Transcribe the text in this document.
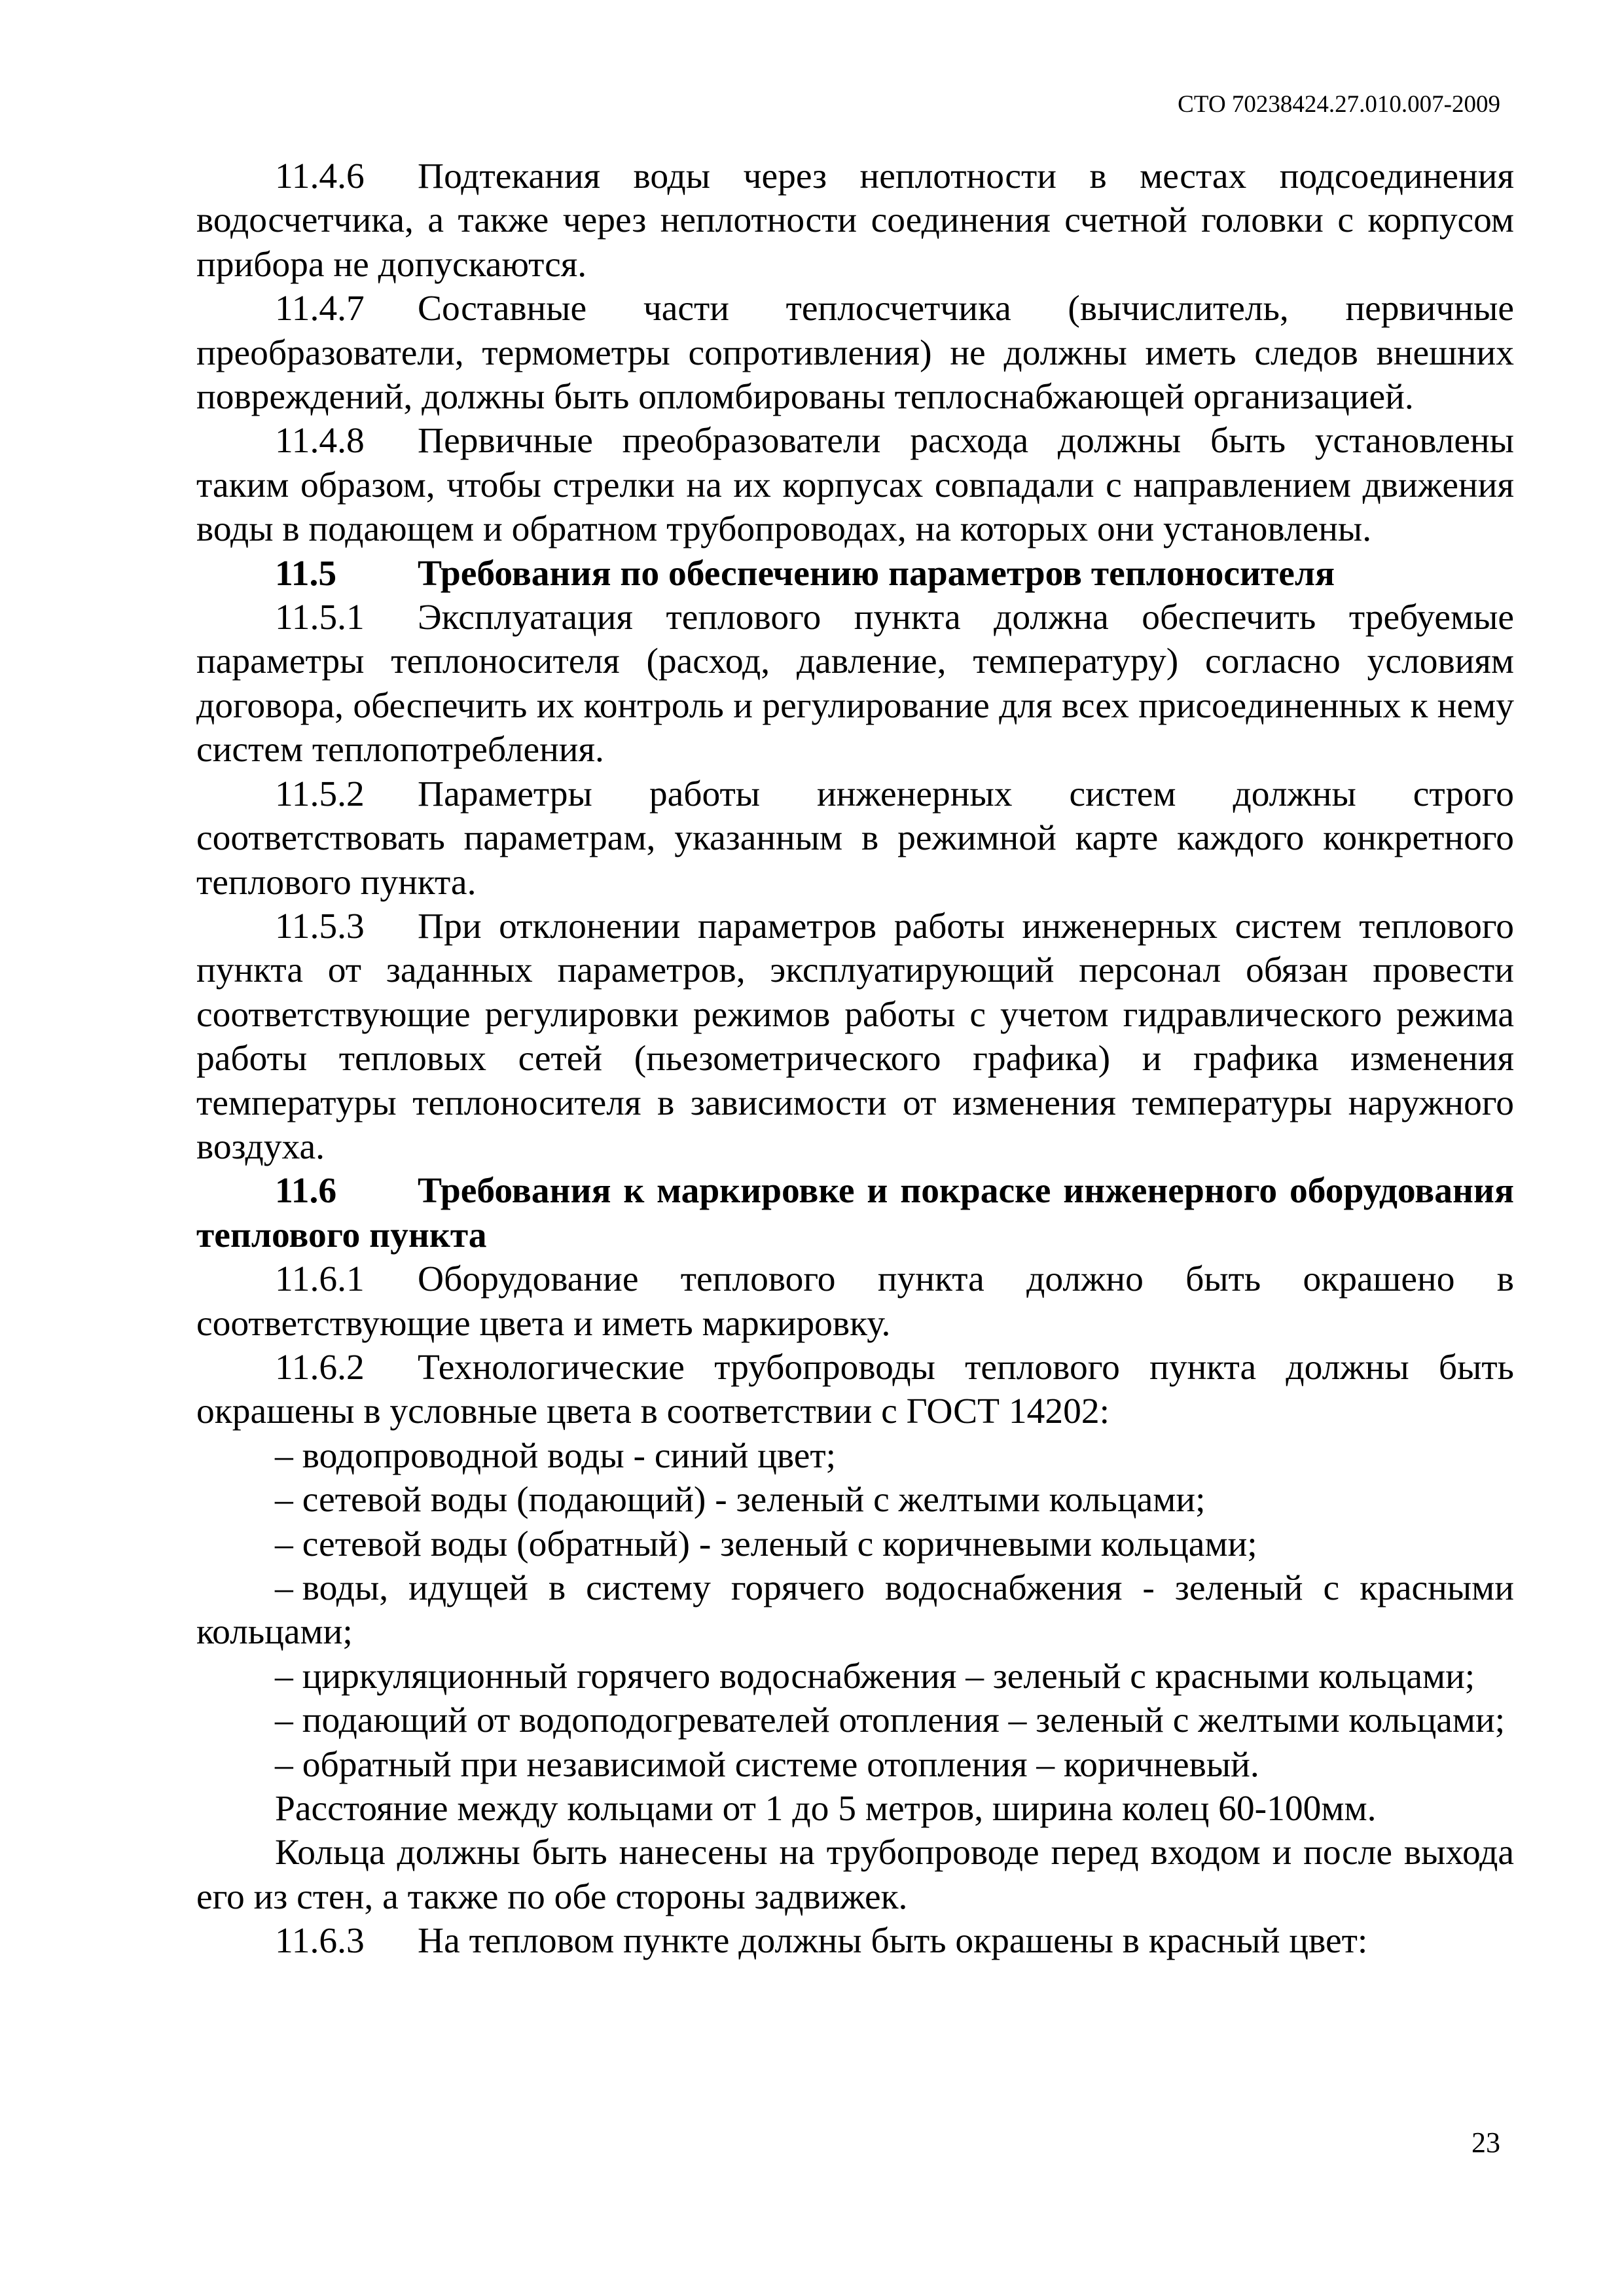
СТО 70238424.27.010.007-2009

11.4.6 Подтекания воды через неплотности в местах подсоединения водосчетчика, а также через неплотности соединения счетной головки с корпусом прибора не допускаются.

11.4.7 Составные части теплосчетчика (вычислитель, первичные преобразователи, термометры сопротивления) не должны иметь следов внешних повреждений, должны быть опломбированы теплоснабжающей организацией.

11.4.8 Первичные преобразователи расхода должны быть установлены таким образом, чтобы стрелки на их корпусах совпадали с направлением движения воды в подающем и обратном трубопроводах, на которых они установлены.

11.5 Требования по обеспечению параметров теплоносителя

11.5.1 Эксплуатация теплового пункта должна обеспечить требуемые параметры теплоносителя (расход, давление, температуру) согласно условиям договора, обеспечить их контроль и регулирование для всех присоединенных к нему систем теплопотребления.

11.5.2 Параметры работы инженерных систем должны строго соответствовать параметрам, указанным в режимной карте каждого конкретного теплового пункта.

11.5.3 При отклонении параметров работы инженерных систем теплового пункта от заданных параметров, эксплуатирующий персонал обязан провести соответствующие регулировки режимов работы с учетом гидравлического режима работы тепловых сетей (пьезометрического графика) и графика изменения температуры теплоносителя в зависимости от изменения температуры наружного воздуха.

11.6 Требования к маркировке и покраске инженерного оборудования теплового пункта

11.6.1 Оборудование теплового пункта должно быть окрашено в соответствующие цвета и иметь маркировку.

11.6.2 Технологические трубопроводы теплового пункта должны быть окрашены в условные цвета в соответствии с ГОСТ 14202:

– водопроводной воды - синий цвет;

– сетевой воды (подающий) - зеленый с желтыми кольцами;

– сетевой воды (обратный) - зеленый с коричневыми кольцами;

– воды, идущей в систему горячего водоснабжения - зеленый с красными кольцами;

– циркуляционный горячего водоснабжения – зеленый с красными кольцами;

– подающий от водоподогревателей отопления – зеленый с желтыми кольцами;

– обратный при независимой системе отопления – коричневый.

Расстояние между кольцами от 1 до 5 метров, ширина колец 60-100мм.

Кольца должны быть нанесены на трубопроводе перед входом и после выхода его из стен, а также по обе стороны задвижек.

11.6.3 На тепловом пункте должны быть окрашены в красный цвет:

23
